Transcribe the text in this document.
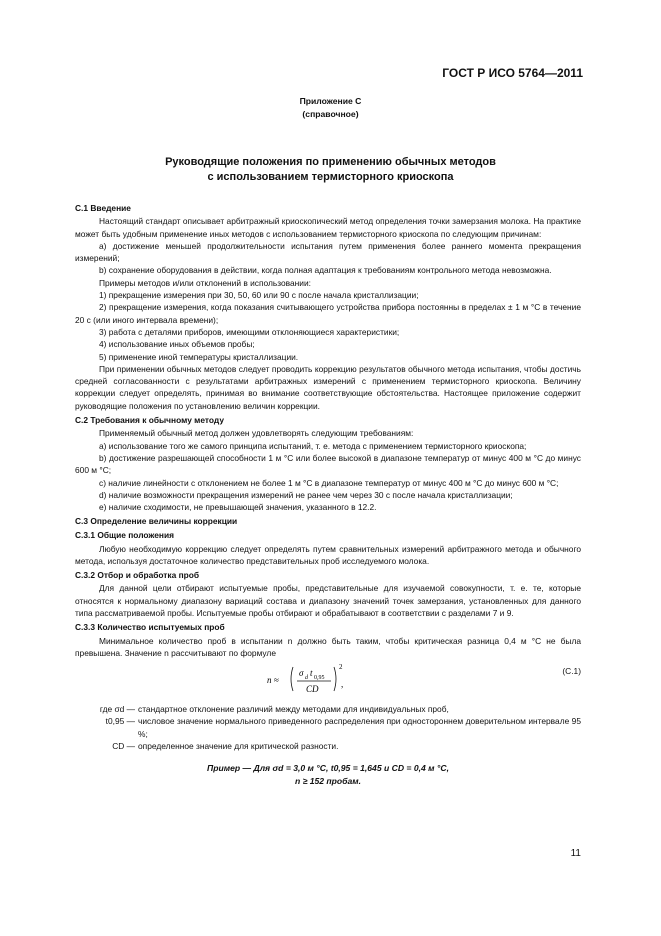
ГОСТ Р ИСО 5764—2011
Приложение С
(справочное)
Руководящие положения по применению обычных методов
с использованием термисторного криоскопа
С.1 Введение

Настоящий стандарт описывает арбитражный криоскопический метод определения точки замерзания молока. На практике может быть удобным применение иных методов с использованием термисторного криоскопа по следующим причинам:

а) достижение меньшей продолжительности испытания путем применения более раннего момента прекращения измерений;

b) сохранение оборудования в действии, когда полная адаптация к требованиям контрольного метода невозможна.

Примеры методов и/или отклонений в использовании:

1) прекращение измерения при 30, 50, 60 или 90 с после начала кристаллизации;

2) прекращение измерения, когда показания считывающего устройства прибора постоянны в пределах ± 1 м °С в течение 20 с (или иного интервала времени);

3) работа с деталями приборов, имеющими отклоняющиеся характеристики;

4) использование иных объемов пробы;

5) применение иной температуры кристаллизации.

При применении обычных методов следует проводить коррекцию результатов обычного метода испытания, чтобы достичь средней согласованности с результатами арбитражных измерений с применением термисторного криоскопа. Величину коррекции следует определять, принимая во внимание соответствующие обстоятельства. Настоящее приложение содержит руководящие положения по установлению величин коррекции.

С.2 Требования к обычному методу

Применяемый обычный метод должен удовлетворять следующим требованиям:

а) использование того же самого принципа испытаний, т. е. метода с применением термисторного криоскопа;

b) достижение разрешающей способности 1 м °С или более высокой в диапазоне температур от минус 400 м °С до минус 600 м °С;

c) наличие линейности с отклонением не более 1 м °С в диапазоне температур от минус 400 м °С до минус 600 м °С;

d) наличие возможности прекращения измерений не ранее чем через 30 с после начала кристаллизации;

e) наличие сходимости, не превышающей значения, указанного в 12.2.

С.3 Определение величины коррекции
С.3.1 Общие положения

Любую необходимую коррекцию следует определять путем сравнительных измерений арбитражного метода и обычного метода, используя достаточное количество представительных проб исследуемого молока.

С.3.2 Отбор и обработка проб

Для данной цели отбирают испытуемые пробы, представительные для изучаемой совокупности, т. е. те, которые относятся к нормальному диапазону вариаций состава и диапазону значений точек замерзания, установленных для данного типа рассматриваемой пробы. Испытуемые пробы отбирают и обрабатывают в соответствии с разделами 7 и 9.

С.3.3 Количество испытуемых проб

Минимальное количество проб в испытании n должно быть таким, чтобы критическая разница 0,4 м °С не была превышена. Значение n рассчитывают по формуле

n ≈
σ d t 0,95
CD
2
,
(С.1)
где σd — стандартное отклонение различий между методами для индивидуальных проб,
t0,95 — числовое значение нормального приведенного распределения при одностороннем доверительном интервале 95 %;
CD — определенное значение для критической разности.
Пример — Для σd = 3,0 м °С, t0,95 = 1,645 и CD = 0,4 м °С,
n ≥ 152 пробам.
11
